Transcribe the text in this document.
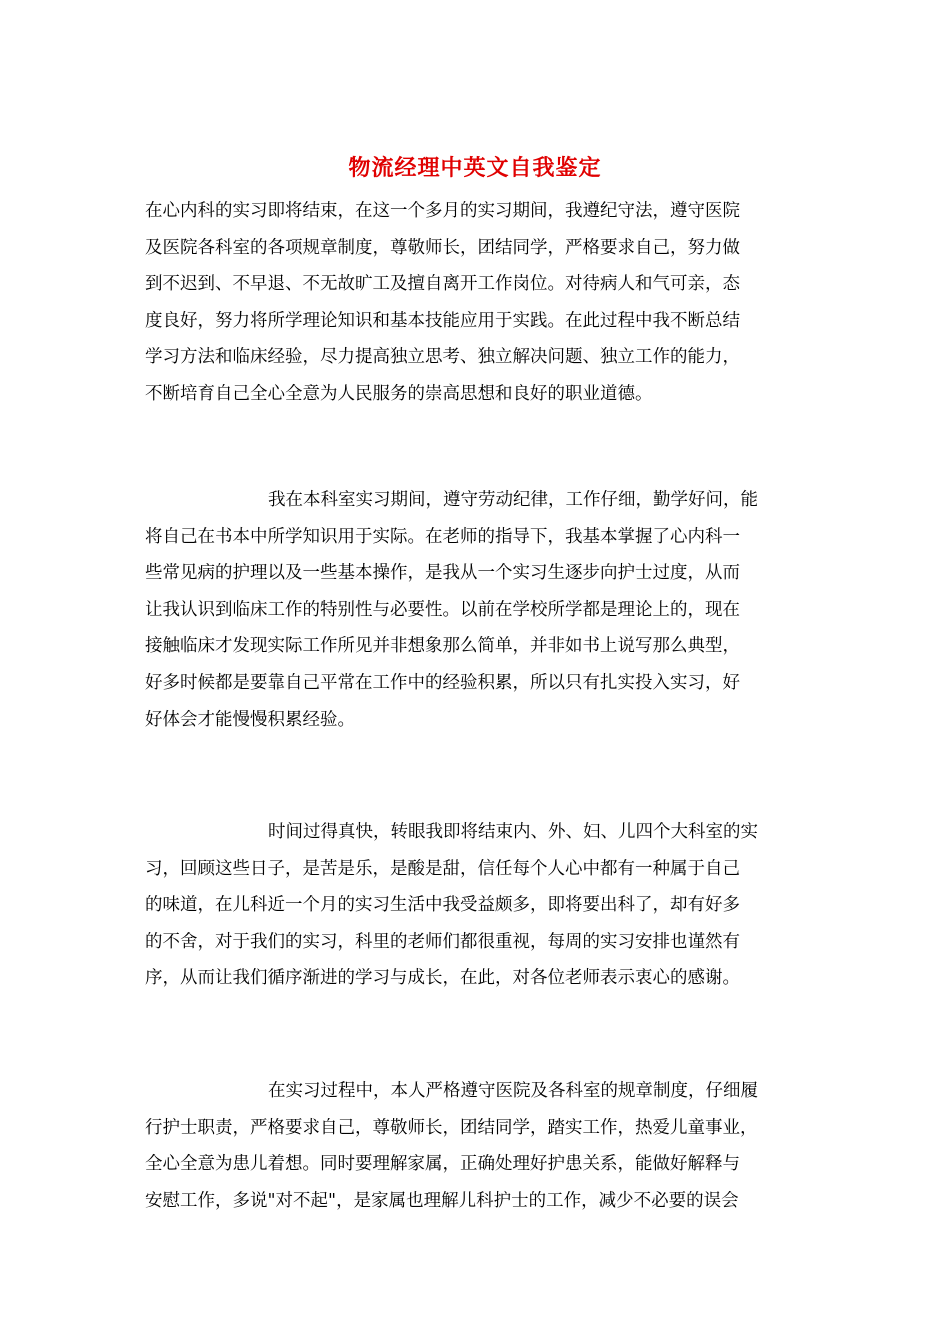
物流经理中英文自我鉴定
在心内科的实习即将结束，在这一个多月的实习期间，我遵纪守法，遵守医院
及医院各科室的各项规章制度，尊敬师长，团结同学，严格要求自己，努力做
到不迟到、不早退、不无故旷工及擅自离开工作岗位。对待病人和气可亲，态
度良好，努力将所学理论知识和基本技能应用于实践。在此过程中我不断总结
学习方法和临床经验，尽力提高独立思考、独立解决问题、独立工作的能力，
不断培育自己全心全意为人民服务的崇高思想和良好的职业道德。
我在本科室实习期间，遵守劳动纪律，工作仔细，勤学好问，能
将自己在书本中所学知识用于实际。在老师的指导下，我基本掌握了心内科一
些常见病的护理以及一些基本操作，是我从一个实习生逐步向护士过度，从而
让我认识到临床工作的特别性与必要性。以前在学校所学都是理论上的，现在
接触临床才发现实际工作所见并非想象那么简单，并非如书上说写那么典型，
好多时候都是要靠自己平常在工作中的经验积累，所以只有扎实投入实习，好
好体会才能慢慢积累经验。
时间过得真快，转眼我即将结束内、外、妇、儿四个大科室的实
习，回顾这些日子，是苦是乐，是酸是甜，信任每个人心中都有一种属于自己
的味道，在儿科近一个月的实习生活中我受益颇多，即将要出科了，却有好多
的不舍，对于我们的实习，科里的老师们都很重视，每周的实习安排也谨然有
序，从而让我们循序渐进的学习与成长，在此，对各位老师表示衷心的感谢。
在实习过程中，本人严格遵守医院及各科室的规章制度，仔细履
行护士职责，严格要求自己，尊敬师长，团结同学，踏实工作，热爱儿童事业，
全心全意为患儿着想。同时要理解家属，正确处理好护患关系，能做好解释与
安慰工作，多说"对不起"，是家属也理解儿科护士的工作，减少不必要的误会
